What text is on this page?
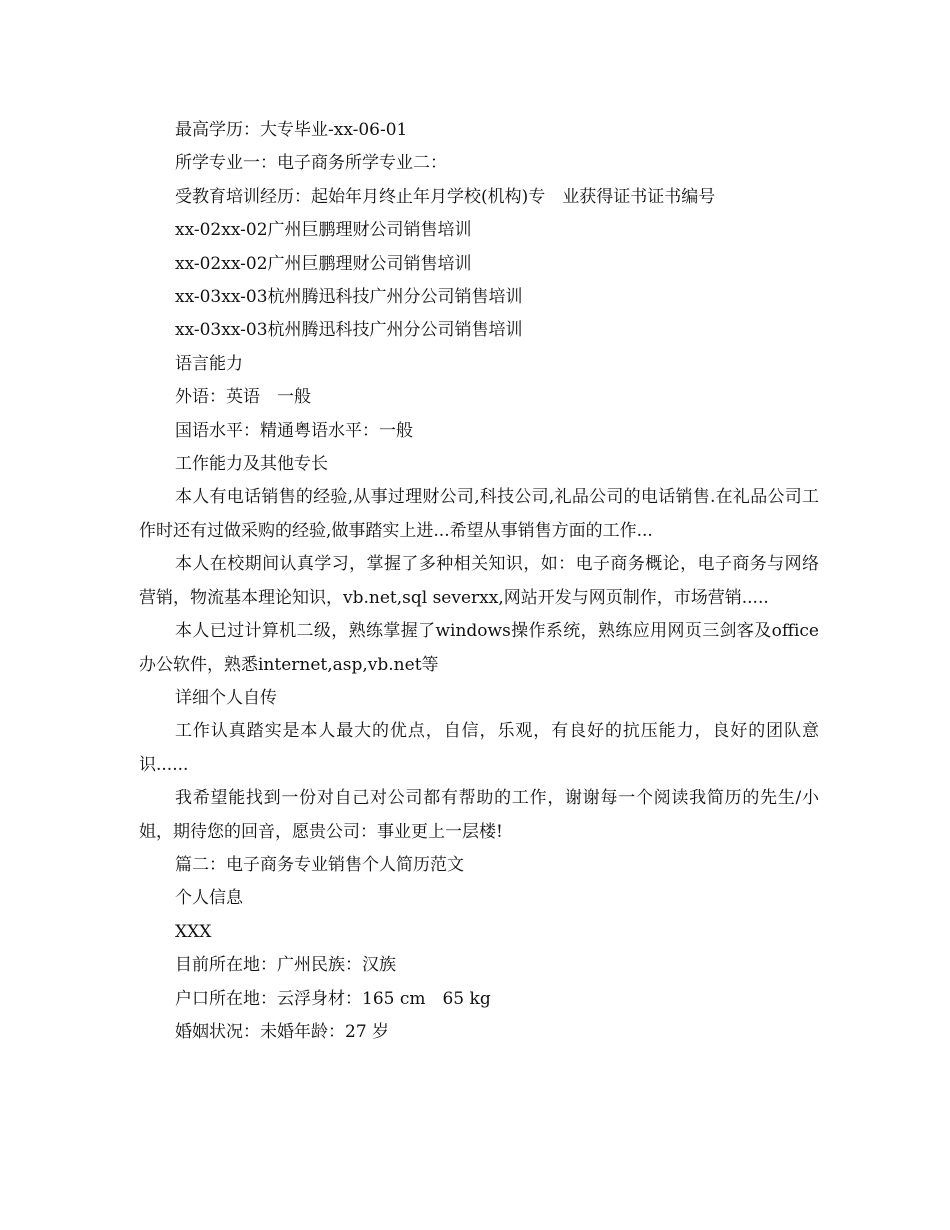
最高学历：大专毕业-xx-06-01

所学专业一：电子商务所学专业二：

受教育培训经历：起始年月终止年月学校(机构)专　业获得证书证书编号

xx-02xx-02广州巨鹏理财公司销售培训

xx-02xx-02广州巨鹏理财公司销售培训

xx-03xx-03杭州腾迅科技广州分公司销售培训

xx-03xx-03杭州腾迅科技广州分公司销售培训

语言能力

外语：英语　一般

国语水平：精通粤语水平：一般

工作能力及其他专长

本人有电话销售的经验,从事过理财公司,科技公司,礼品公司的电话销售.在礼品公司工作时还有过做采购的经验,做事踏实上进...希望从事销售方面的工作...

本人在校期间认真学习，掌握了多种相关知识，如：电子商务概论，电子商务与网络营销，物流基本理论知识，vb.net,sql severxx,网站开发与网页制作，市场营销.....

本人已过计算机二级，熟练掌握了windows操作系统，熟练应用网页三剑客及office办公软件，熟悉internet,asp,vb.net等

详细个人自传

工作认真踏实是本人最大的优点，自信，乐观，有良好的抗压能力，良好的团队意识......

我希望能找到一份对自己对公司都有帮助的工作，谢谢每一个阅读我简历的先生/小姐，期待您的回音，愿贵公司：事业更上一层楼!

篇二：电子商务专业销售个人简历范文

个人信息

XXX

目前所在地：广州民族：汉族

户口所在地：云浮身材：165 cm　65 kg

婚姻状况：未婚年龄：27 岁
